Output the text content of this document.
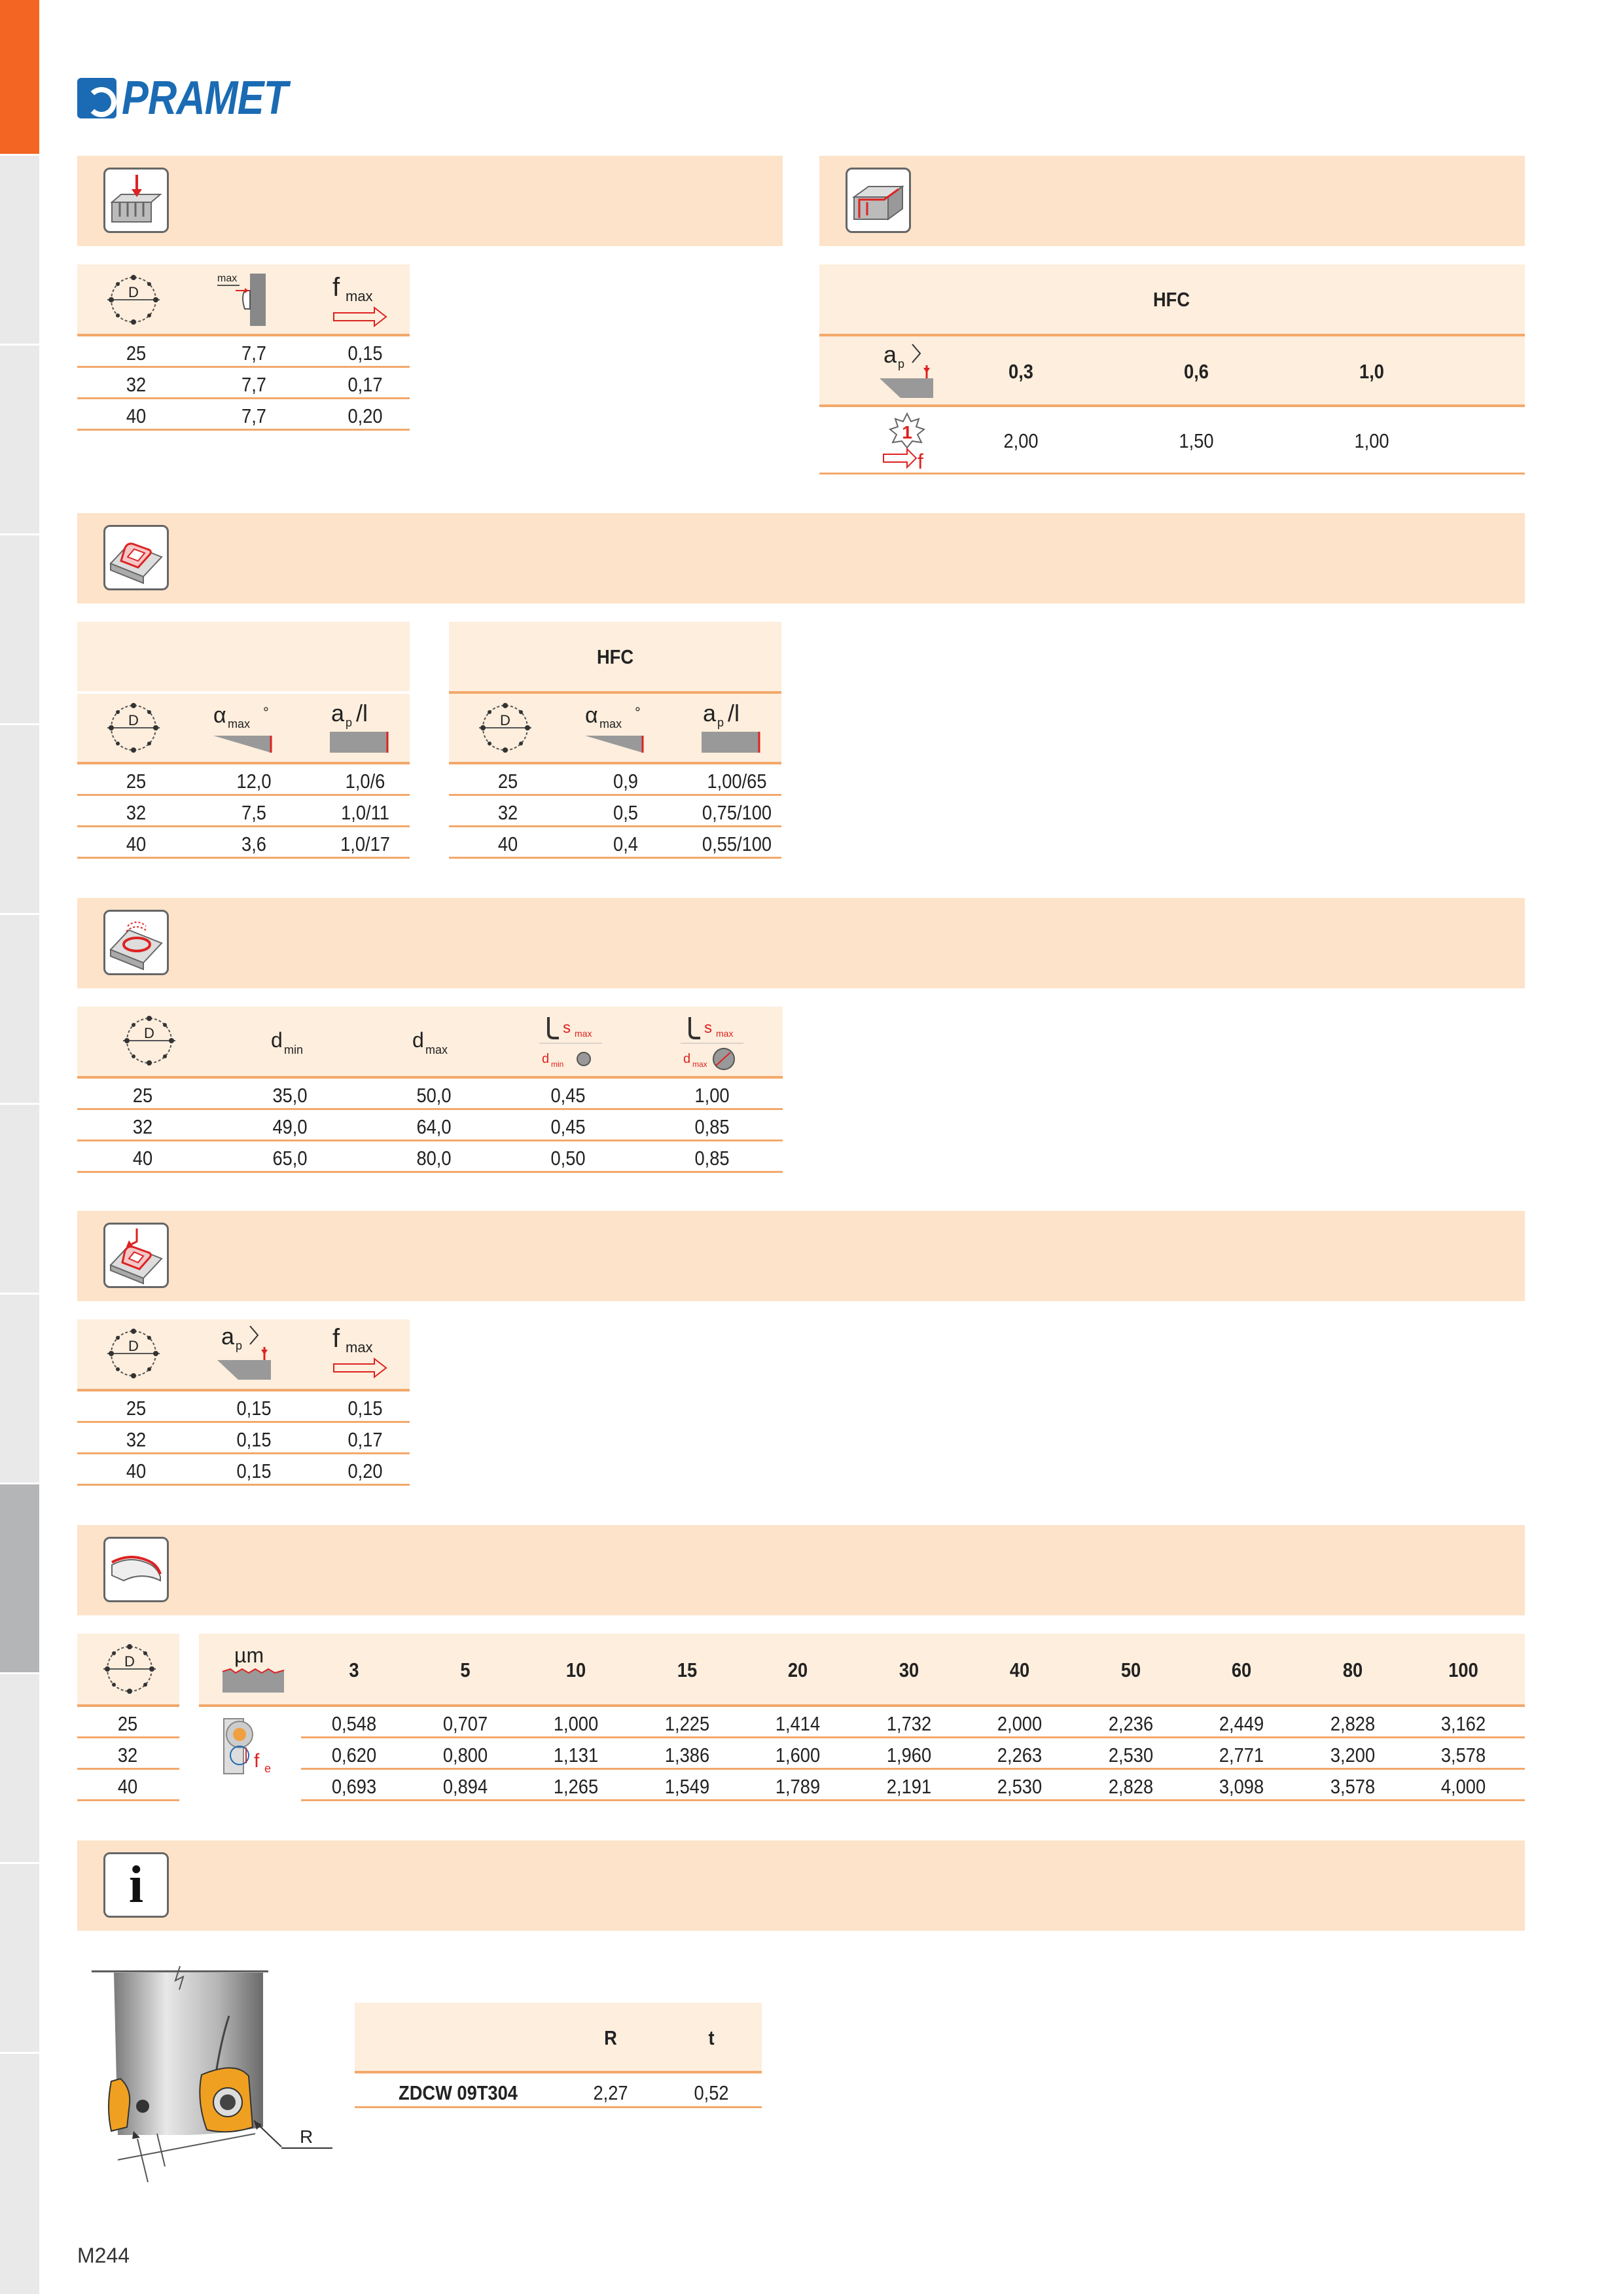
PRAMET
D
max	f max
25	7,7	0,15
32	7,7	0,17
40	7,7	0,20
HFC
a p	0,3	0,6	1,0
1
f
2,00	1,50	1,00
HFC
D	α max
°	a p /l	D	α max
°	a p /l
25	12,0	1,0/6
32	7,5	1,0/11
40	3,6	1,0/17
25	0,9	1,00/65
32	0,5	0,75/100
40	0,4	0,55/100
D	d min	d max
s max
d min
s max
d max
25	35,0	50,0	0,45	1,00
32	49,0	64,0	0,45	0,85
40	65,0	80,0	0,50	0,85
D	a p	f max
25	0,15	0,15
32	0,15	0,17
40	0,15	0,20
D	µm
3	5	10	15	20	30	40	50	60	80	100
f e
25	0,548	0,707	1,000	1,225	1,414	1,732	2,000	2,236	2,449	2,828	3,162
32	0,620	0,800	1,131	1,386	1,600	1,960	2,263	2,530	2,771	3,200	3,578
40	0,693	0,894	1,265	1,549	1,789	2,191	2,530	2,828	3,098	3,578	4,000
i
R
R	t
ZDCW 09T304	2,27	0,52
M244
